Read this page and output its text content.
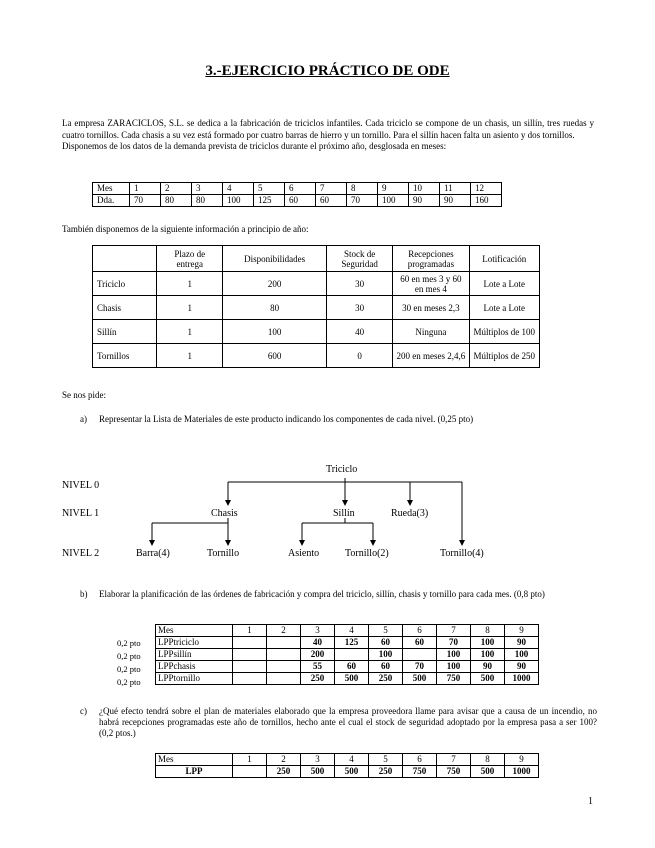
3.-EJERCICIO PRÁCTICO DE ODE

La empresa ZARACICLOS, S.L. se dedica a la fabricación de triciclos infantiles. Cada triciclo se compone de un chasis, un sillín, tres ruedas y cuatro tornillos. Cada chasis a su vez está formado por cuatro barras de hierro y un tornillo. Para el sillín hacen falta un asiento y dos tornillos.

Disponemos de los datos de la demanda prevista de triciclos durante el próximo año, desglosada en meses:

Mes	1	2	3	4	5	6	7	8	9	10	11	12
Dda.	70	80	80	100	125	60	60	70	100	90	90	160
También disponemos de la siguiente información a principio de año:
	Plazo de entrega	Disponibilidades	Stock de Seguridad	Recepciones programadas	Lotificación
Triciclo	1	200	30	60 en mes 3 y 60 en mes 4	Lote a Lote
Chasis	1	80	30	30 en meses 2,3	Lote a Lote
Sillín	1	100	40	Ninguna	Múltiplos de 100
Tornillos	1	600	0	200 en meses 2,4,6	Múltiplos de 250
Se nos pide:
a) Representar la Lista de Materiales de este producto indicando los componentes de cada nivel. (0,25 pto)
Triciclo
NIVEL 0
NIVEL 1	Chasis	Sillín	Rueda(3)
NIVEL 2	Barra(4)	Tornillo	Asiento	Tornillo(2)	Tornillo(4)
b) Elaborar la planificación de las órdenes de fabricación y compra del triciclo, sillín, chasis y tornillo para cada mes. (0,8 pto)
0,2 pto
0,2 pto
0,2 pto
0,2 pto
Mes	1	2	3	4	5	6	7	8	9
LPPtriciclo			40	125	60	60	70	100	90
LPPsillín			200		100		100	100	100
LPPchasis			55	60	60	70	100	90	90
LPPtornillo			250	500	250	500	750	500	1000
c) ¿Qué efecto tendrá sobre el plan de materiales elaborado que la empresa proveedora llame para avisar que a causa de un incendio, no habrá recepciones programadas este año de tornillos, hecho ante el cual el stock de seguridad adoptado por la empresa pasa a ser 100? (0,2 ptos.)
Mes	1	2	3	4	5	6	7	8	9
LPP		250	500	500	250	750	750	500	1000
1
